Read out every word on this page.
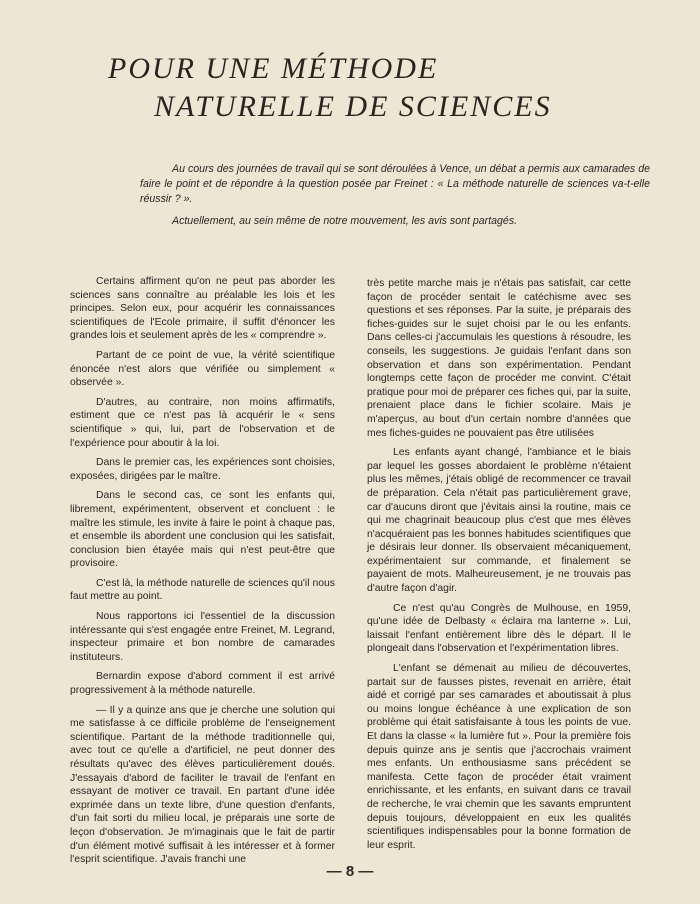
POUR UNE MÉTHODE
NATURELLE DE SCIENCES

Au cours des journées de travail qui se sont déroulées à Vence, un débat a permis aux camarades de faire le point et de répondre à la question posée par Freinet : « La méthode naturelle de sciences va-t-elle réussir ? ».

Actuellement, au sein même de notre mouvement, les avis sont partagés.

Certains affirment qu'on ne peut pas aborder les sciences sans connaître au préalable les lois et les principes. Selon eux, pour acquérir les connaissances scientifiques de l'Ecole primaire, il suffit d'énoncer les grandes lois et seulement après de les « comprendre ».

Partant de ce point de vue, la vérité scientifique énoncée n'est alors que vérifiée ou simplement « observée ».

D'autres, au contraire, non moins affirmatifs, estiment que ce n'est pas là acquérir le « sens scientifique » qui, lui, part de l'observation et de l'expérience pour aboutir à la loi.

Dans le premier cas, les expériences sont choisies, exposées, dirigées par le maître.

Dans le second cas, ce sont les enfants qui, librement, expérimentent, observent et concluent : le maître les stimule, les invite à faire le point à chaque pas, et ensemble ils abordent une conclusion qui les satisfait, conclusion bien étayée mais qui n'est peut-être que provisoire.

C'est là, la méthode naturelle de sciences qu'il nous faut mettre au point.

Nous rapportons ici l'essentiel de la discussion intéressante qui s'est engagée entre Freinet, M. Legrand, inspecteur primaire et bon nombre de camarades instituteurs.

Bernardin expose d'abord comment il est arrivé progressivement à la méthode naturelle.

— Il y a quinze ans que je cherche une solution qui me satisfasse à ce difficile problème de l'enseignement scientifique. Partant de la méthode traditionnelle qui, avec tout ce qu'elle a d'artificiel, ne peut donner des résultats qu'avec des élèves particulièrement doués. J'essayais d'abord de faciliter le travail de l'enfant en essayant de motiver ce travail. En partant d'une idée exprimée dans un texte libre, d'une question d'enfants, d'un fait sorti du milieu local, je préparais une sorte de leçon d'observation. Je m'imaginais que le fait de partir d'un élément motivé suffisait à les intéresser et à former l'esprit scientifique. J'avais franchi une

très petite marche mais je n'étais pas satisfait, car cette façon de procéder sentait le catéchisme avec ses questions et ses réponses. Par la suite, je préparais des fiches-guides sur le sujet choisi par le ou les enfants. Dans celles-ci j'accumulais les questions à résoudre, les conseils, les suggestions. Je guidais l'enfant dans son observation et dans son expérimentation. Pendant longtemps cette façon de procéder me convint. C'était pratique pour moi de préparer ces fiches qui, par la suite, prenaient place dans le fichier scolaire. Mais je m'aperçus, au bout d'un certain nombre d'années que mes fiches-guides ne pouvaient pas être utilisées

Les enfants ayant changé, l'ambiance et le biais par lequel les gosses abordaient le problème n'étaient plus les mêmes, j'étais obligé de recommencer ce travail de préparation. Cela n'était pas particulièrement grave, car d'aucuns diront que j'évitais ainsi la routine, mais ce qui me chagrinait beaucoup plus c'est que mes élèves n'acquéraient pas les bonnes habitudes scientifiques que je désirais leur donner. Ils observaient mécaniquement, expérimentaient sur commande, et finalement se payaient de mots. Malheureusement, je ne trouvais pas d'autre façon d'agir.

Ce n'est qu'au Congrès de Mulhouse, en 1959, qu'une idée de Delbasty « éclaira ma lanterne ». Lui, laissait l'enfant entièrement libre dès le départ. Il le plongeait dans l'observation et l'expérimentation libres.

L'enfant se démenait au milieu de découvertes, partait sur de fausses pistes, revenait en arrière, était aidé et corrigé par ses camarades et aboutissait à plus ou moins longue échéance à une explication de son problème qui était satisfaisante à tous les points de vue. Et dans la classe « la lumière fut ». Pour la première fois depuis quinze ans je sentis que j'accrochais vraiment mes enfants. Un enthousiasme sans précédent se manifesta. Cette façon de procéder était vraiment enrichissante, et les enfants, en suivant dans ce travail de recherche, le vrai chemin que les savants empruntent depuis toujours, développaient en eux les qualités scientifiques indispensables pour la bonne formation de leur esprit.

— 8 —
